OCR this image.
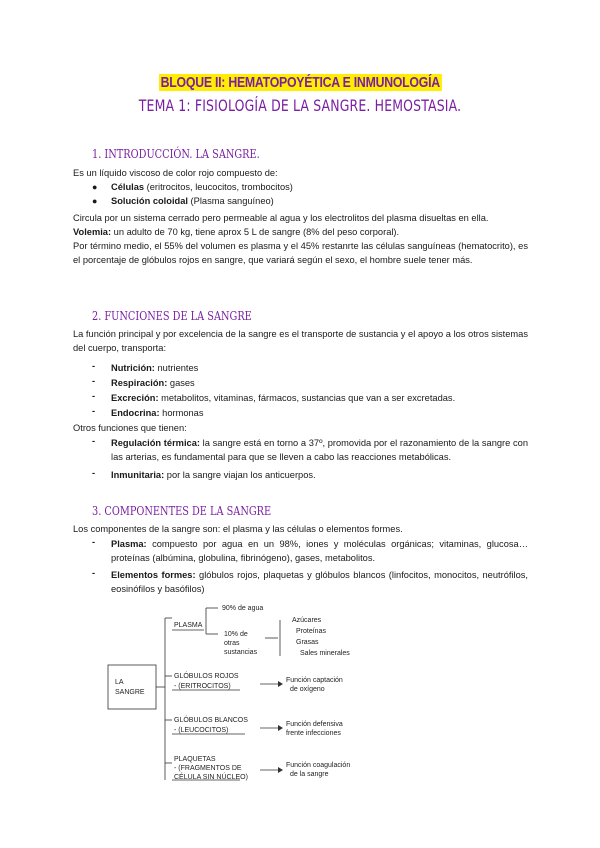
BLOQUE II: HEMATOPOYÉTICA E INMUNOLOGÍA
TEMA 1: FISIOLOGÍA DE LA SANGRE. HEMOSTASIA.
1. INTRODUCCIÓN. LA SANGRE.
Es un líquido viscoso de color rojo compuesto de:
● Células (eritrocitos, leucocitos, trombocitos)
● Solución coloidal (Plasma sanguíneo)
Circula por un sistema cerrado pero permeable al agua y los electrolitos del plasma disueltas en ella.
Volemia: un adulto de 70 kg, tiene aprox 5 L de sangre (8% del peso corporal).
Por término medio, el 55% del volumen es plasma y el 45% restanrte las células sanguíneas (hematocrito), es el porcentaje de glóbulos rojos en sangre, que variará según el sexo, el hombre suele tener más.
2. FUNCIONES DE LA SANGRE
La función principal y por excelencia de la sangre es el transporte de sustancia y el apoyo a los otros sistemas del cuerpo, transporta:
- Nutrición: nutrientes
- Respiración: gases
- Excreción: metabolitos, vitaminas, fármacos, sustancias que van a ser excretadas.
- Endocrina: hormonas
Otros funciones que tienen:
- Regulación térmica: la sangre está en torno a 37º, promovida por el razonamiento de la sangre con las arterias, es fundamental para que se lleven a cabo las reacciones metabólicas.
- Inmunitaria: por la sangre viajan los anticuerpos.
3. COMPONENTES DE LA SANGRE
Los componentes de la sangre son: el plasma y las células o elementos formes.
- Plasma: compuesto por agua en un 98%, iones y moléculas orgánicas; vitaminas, glucosa… proteínas (albúmina, globulina, fibrinógeno), gases, metabolitos.
- Elementos formes: glóbulos rojos, plaquetas y glóbulos blancos (linfocitos, monocitos, neutrófilos, eosinófilos y basófilos)
LA
SANGRE
PLASMA
90% de agua
10% de
otras
sustancias
Azúcares
Proteínas
Grasas
Sales minerales
GLÓBULOS ROJOS
- (ERITROCITOS)
Función captación
de oxígeno
GLÓBULOS BLANCOS
- (LEUCOCITOS)
Función defensiva
frente infecciones
PLAQUETAS
- (FRAGMENTOS DE
CÉLULA SIN NÚCLEO)
Función coagulación
de la sangre
